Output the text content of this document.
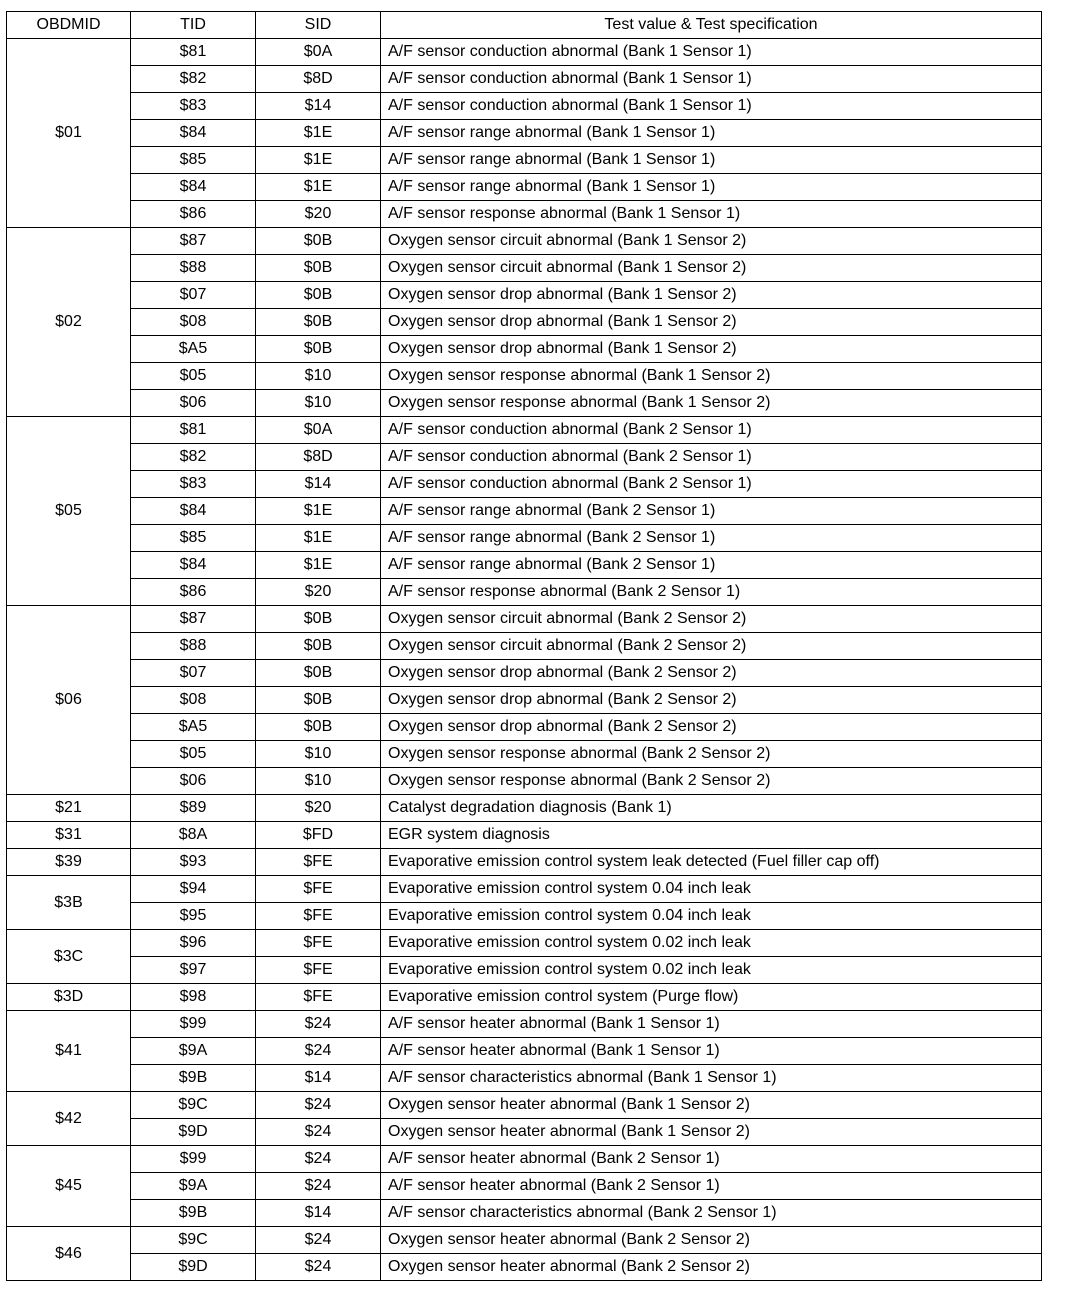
OBDMID	TID	SID	Test value & Test specification
$01	$81	$0A	A/F sensor conduction abnormal (Bank 1 Sensor 1)
	$82	$8D	A/F sensor conduction abnormal (Bank 1 Sensor 1)
	$83	$14	A/F sensor conduction abnormal (Bank 1 Sensor 1)
	$84	$1E	A/F sensor range abnormal (Bank 1 Sensor 1)
	$85	$1E	A/F sensor range abnormal (Bank 1 Sensor 1)
	$84	$1E	A/F sensor range abnormal (Bank 1 Sensor 1)
	$86	$20	A/F sensor response abnormal (Bank 1 Sensor 1)
$02	$87	$0B	Oxygen sensor circuit abnormal (Bank 1 Sensor 2)
	$88	$0B	Oxygen sensor circuit abnormal (Bank 1 Sensor 2)
	$07	$0B	Oxygen sensor drop abnormal (Bank 1 Sensor 2)
	$08	$0B	Oxygen sensor drop abnormal (Bank 1 Sensor 2)
	$A5	$0B	Oxygen sensor drop abnormal (Bank 1 Sensor 2)
	$05	$10	Oxygen sensor response abnormal (Bank 1 Sensor 2)
	$06	$10	Oxygen sensor response abnormal (Bank 1 Sensor 2)
$05	$81	$0A	A/F sensor conduction abnormal (Bank 2 Sensor 1)
	$82	$8D	A/F sensor conduction abnormal (Bank 2 Sensor 1)
	$83	$14	A/F sensor conduction abnormal (Bank 2 Sensor 1)
	$84	$1E	A/F sensor range abnormal (Bank 2 Sensor 1)
	$85	$1E	A/F sensor range abnormal (Bank 2 Sensor 1)
	$84	$1E	A/F sensor range abnormal (Bank 2 Sensor 1)
	$86	$20	A/F sensor response abnormal (Bank 2 Sensor 1)
$06	$87	$0B	Oxygen sensor circuit abnormal (Bank 2 Sensor 2)
	$88	$0B	Oxygen sensor circuit abnormal (Bank 2 Sensor 2)
	$07	$0B	Oxygen sensor drop abnormal (Bank 2 Sensor 2)
	$08	$0B	Oxygen sensor drop abnormal (Bank 2 Sensor 2)
	$A5	$0B	Oxygen sensor drop abnormal (Bank 2 Sensor 2)
	$05	$10	Oxygen sensor response abnormal (Bank 2 Sensor 2)
	$06	$10	Oxygen sensor response abnormal (Bank 2 Sensor 2)
$21	$89	$20	Catalyst degradation diagnosis (Bank 1)
$31	$8A	$FD	EGR system diagnosis
$39	$93	$FE	Evaporative emission control system leak detected (Fuel filler cap off)
$3B	$94	$FE	Evaporative emission control system 0.04 inch leak
	$95	$FE	Evaporative emission control system 0.04 inch leak
$3C	$96	$FE	Evaporative emission control system 0.02 inch leak
	$97	$FE	Evaporative emission control system 0.02 inch leak
$3D	$98	$FE	Evaporative emission control system (Purge flow)
$41	$99	$24	A/F sensor heater abnormal (Bank 1 Sensor 1)
	$9A	$24	A/F sensor heater abnormal (Bank 1 Sensor 1)
	$9B	$14	A/F sensor characteristics abnormal (Bank 1 Sensor 1)
$42	$9C	$24	Oxygen sensor heater abnormal (Bank 1 Sensor 2)
	$9D	$24	Oxygen sensor heater abnormal (Bank 1 Sensor 2)
$45	$99	$24	A/F sensor heater abnormal (Bank 2 Sensor 1)
	$9A	$24	A/F sensor heater abnormal (Bank 2 Sensor 1)
	$9B	$14	A/F sensor characteristics abnormal (Bank 2 Sensor 1)
$46	$9C	$24	Oxygen sensor heater abnormal (Bank 2 Sensor 2)
	$9D	$24	Oxygen sensor heater abnormal (Bank 2 Sensor 2)
